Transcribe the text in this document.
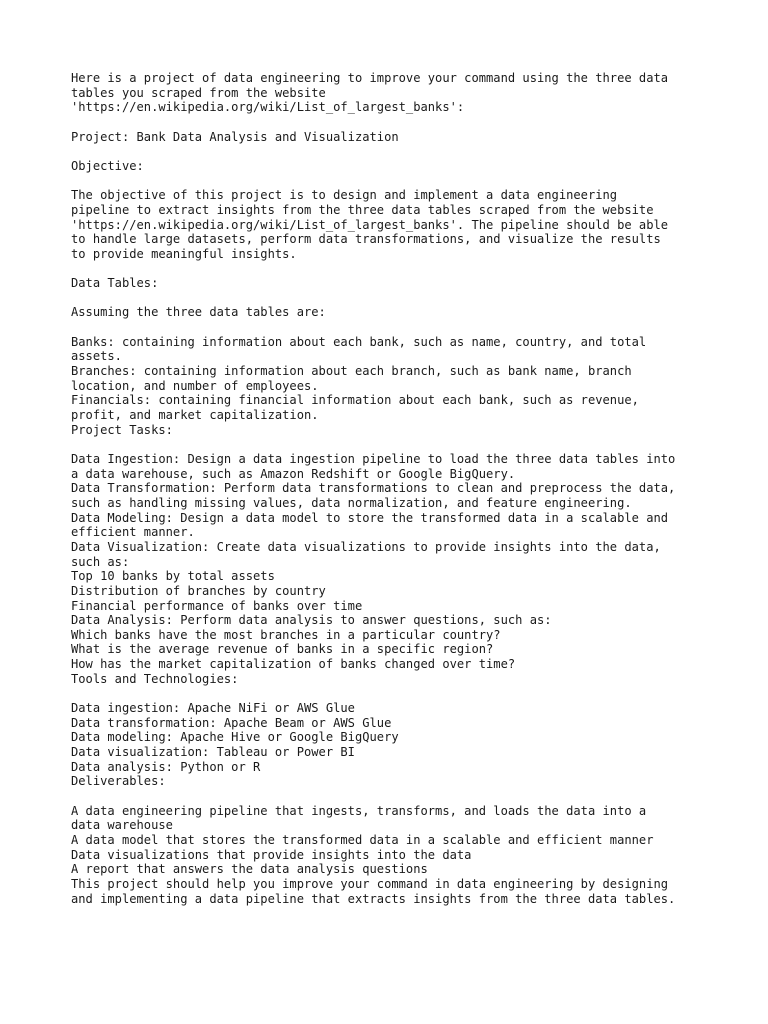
Here is a project of data engineering to improve your command using the three data
tables you scraped from the website
'https://en.wikipedia.org/wiki/List_of_largest_banks':
Project: Bank Data Analysis and Visualization
Objective:
The objective of this project is to design and implement a data engineering
pipeline to extract insights from the three data tables scraped from the website
'https://en.wikipedia.org/wiki/List_of_largest_banks'. The pipeline should be able
to handle large datasets, perform data transformations, and visualize the results
to provide meaningful insights.
Data Tables:
Assuming the three data tables are:
Banks: containing information about each bank, such as name, country, and total
assets.
Branches: containing information about each branch, such as bank name, branch
location, and number of employees.
Financials: containing financial information about each bank, such as revenue,
profit, and market capitalization.
Project Tasks:
Data Ingestion: Design a data ingestion pipeline to load the three data tables into
a data warehouse, such as Amazon Redshift or Google BigQuery.
Data Transformation: Perform data transformations to clean and preprocess the data,
such as handling missing values, data normalization, and feature engineering.
Data Modeling: Design a data model to store the transformed data in a scalable and
efficient manner.
Data Visualization: Create data visualizations to provide insights into the data,
such as:
Top 10 banks by total assets
Distribution of branches by country
Financial performance of banks over time
Data Analysis: Perform data analysis to answer questions, such as:
Which banks have the most branches in a particular country?
What is the average revenue of banks in a specific region?
How has the market capitalization of banks changed over time?
Tools and Technologies:
Data ingestion: Apache NiFi or AWS Glue
Data transformation: Apache Beam or AWS Glue
Data modeling: Apache Hive or Google BigQuery
Data visualization: Tableau or Power BI
Data analysis: Python or R
Deliverables:
A data engineering pipeline that ingests, transforms, and loads the data into a
data warehouse
A data model that stores the transformed data in a scalable and efficient manner
Data visualizations that provide insights into the data
A report that answers the data analysis questions
This project should help you improve your command in data engineering by designing
and implementing a data pipeline that extracts insights from the three data tables.
